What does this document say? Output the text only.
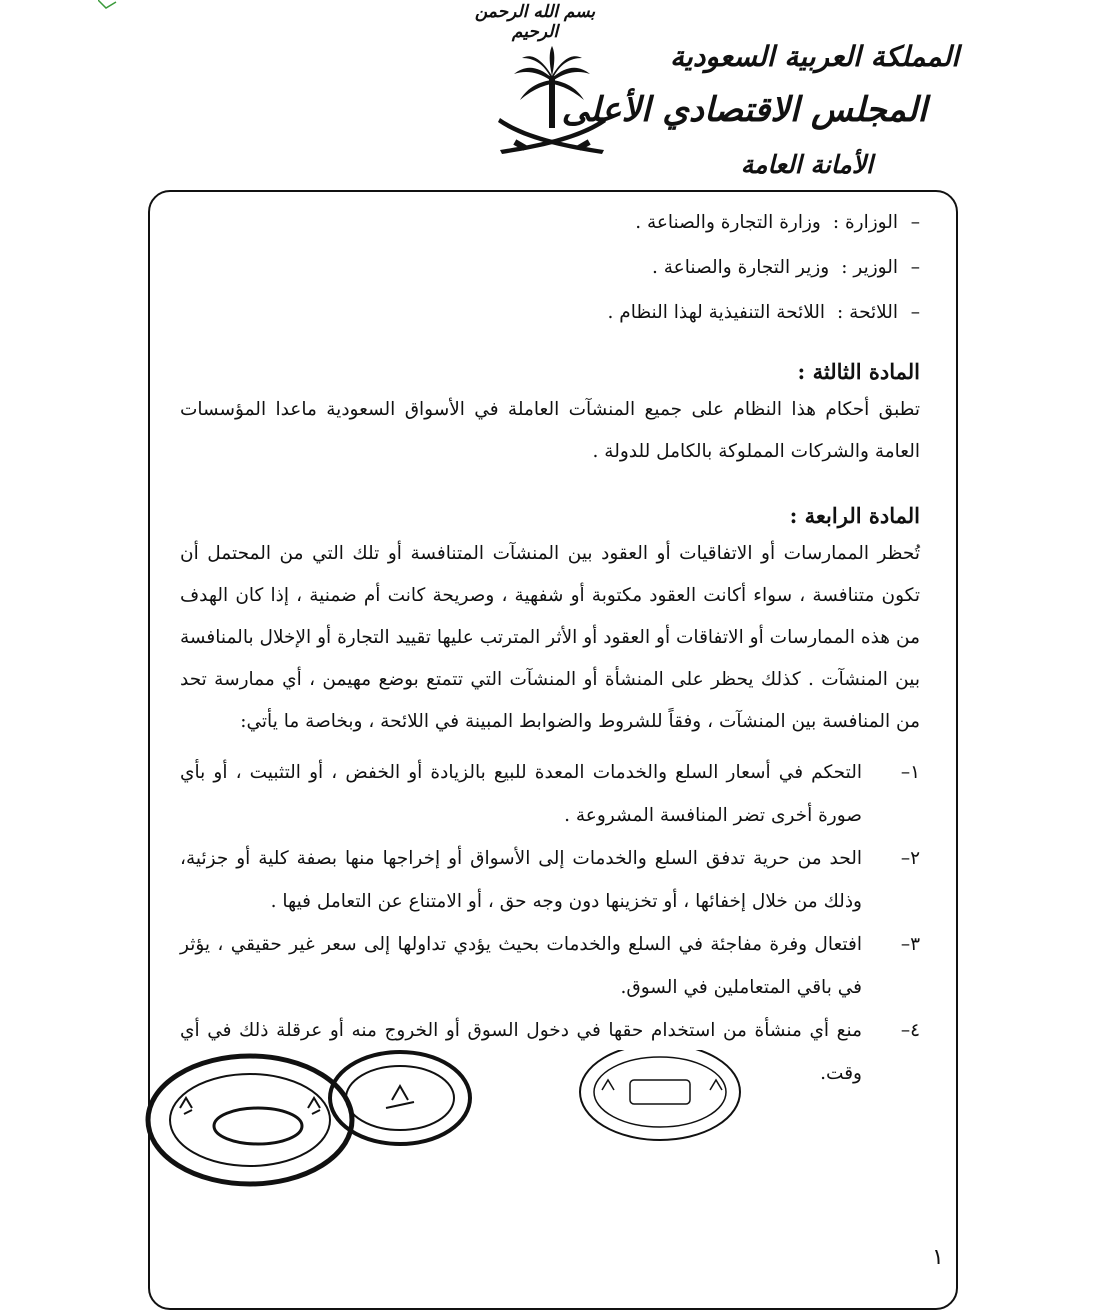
بسم الله الرحمن الرحيم
المملكة العربية السعودية
المجلس الاقتصادي الأعلى
الأمانة العامة
–الوزارة :وزارة التجارة والصناعة .
–الوزير :وزير التجارة والصناعة .
–اللائحة :اللائحة التنفيذية لهذا النظام .

المادة الثالثة :

تطبق أحكام هذا النظام على جميع المنشآت العاملة في الأسواق السعودية ماعدا المؤسسات العامة والشركات المملوكة بالكامل للدولة .

المادة الرابعة :

تُحظر الممارسات أو الاتفاقيات أو العقود بين المنشآت المتنافسة أو تلك التي من المحتمل أن تكون متنافسة ، سواء أكانت العقود مكتوبة أو شفهية ، وصريحة كانت أم ضمنية ، إذا كان الهدف من هذه الممارسات أو الاتفاقات أو العقود أو الأثر المترتب عليها تقييد التجارة أو الإخلال بالمنافسة بين المنشآت . كذلك يحظر على المنشأة أو المنشآت التي تتمتع بوضع مهيمن ، أي ممارسة تحد من المنافسة بين المنشآت ، وفقاً للشروط والضوابط المبينة في اللائحة ، وبخاصة ما يأتي:

١–
التحكم في أسعار السلع والخدمات المعدة للبيع بالزيادة أو الخفض ، أو التثبيت ، أو بأي صورة أخرى تضر المنافسة المشروعة .
٢–
الحد من حرية تدفق السلع والخدمات إلى الأسواق أو إخراجها منها بصفة كلية أو جزئية، وذلك من خلال إخفائها ، أو تخزينها دون وجه حق ، أو الامتناع عن التعامل فيها .
٣–
افتعال وفرة مفاجئة في السلع والخدمات بحيث يؤدي تداولها إلى سعر غير حقيقي ، يؤثر في باقي المتعاملين في السوق.
٤–
منع أي منشأة من استخدام حقها في دخول السوق أو الخروج منه أو عرقلة ذلك في أي وقت.
١
